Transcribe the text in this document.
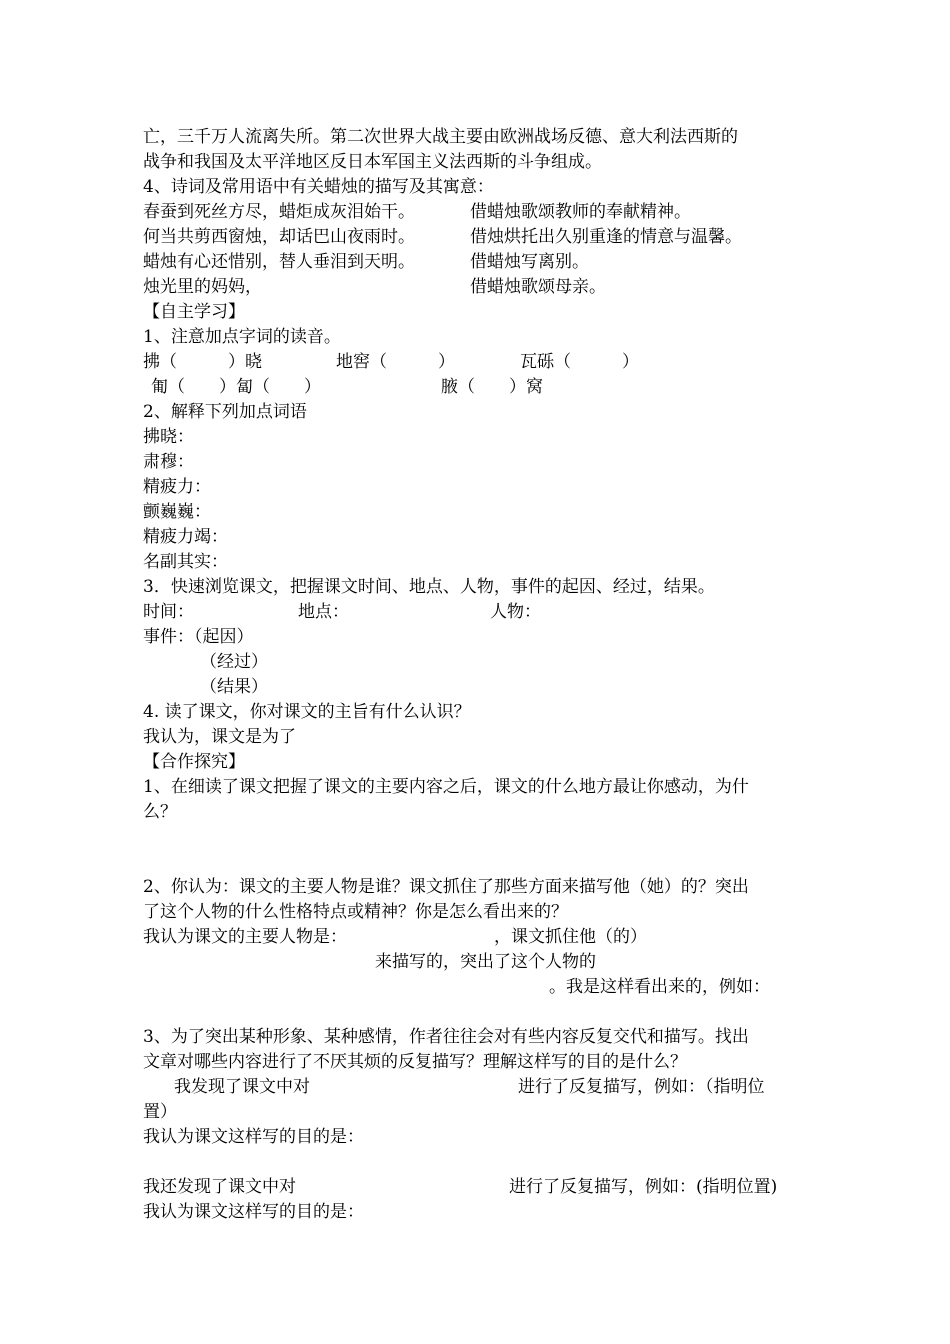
亡，三千万人流离失所。第二次世界大战主要由欧洲战场反德、意大利法西斯的
战争和我国及太平洋地区反日本军国主义法西斯的斗争组成。
4、诗词及常用语中有关蜡烛的描写及其寓意：
春蚕到死丝方尽，蜡炬成灰泪始干。	借蜡烛歌颂教师的奉献精神。
何当共剪西窗烛，却话巴山夜雨时。	借烛烘托出久别重逢的情意与温馨。
蜡烛有心还惜别，替人垂泪到天明。	借蜡烛写离别。
烛光里的妈妈，	借蜡烛歌颂母亲。
【自主学习】
1、注意加点字词的读音。
拂（　　　）晓	地窖（　　　）	瓦砾（　　　）
匍（　　）匐（　　）	腋（　　）窝
2、解释下列加点词语
拂晓：
肃穆：
精疲力：
颤巍巍：
精疲力竭：
名副其实：
3．快速浏览课文，把握课文时间、地点、人物，事件的起因、经过，结果。
时间：	地点：	人物：
事件：（起因）
（经过）
（结果）
4. 读了课文，你对课文的主旨有什么认识？
我认为，课文是为了
【合作探究】
1、在细读了课文把握了课文的主要内容之后，课文的什么地方最让你感动，为什
么？
2、你认为：课文的主要人物是谁？课文抓住了那些方面来描写他（她）的？突出
了这个人物的什么性格特点或精神？你是怎么看出来的？
我认为课文的主要人物是：	，课文抓住他（的）
来描写的，突出了这个人物的
。我是这样看出来的，例如：
3、为了突出某种形象、某种感情，作者往往会对有些内容反复交代和描写。找出
文章对哪些内容进行了不厌其烦的反复描写？理解这样写的目的是什么？
我发现了课文中对	进行了反复描写，例如：（指明位
置）
我认为课文这样写的目的是：
我还发现了课文中对	进行了反复描写，例如：(指明位置)
我认为课文这样写的目的是：
